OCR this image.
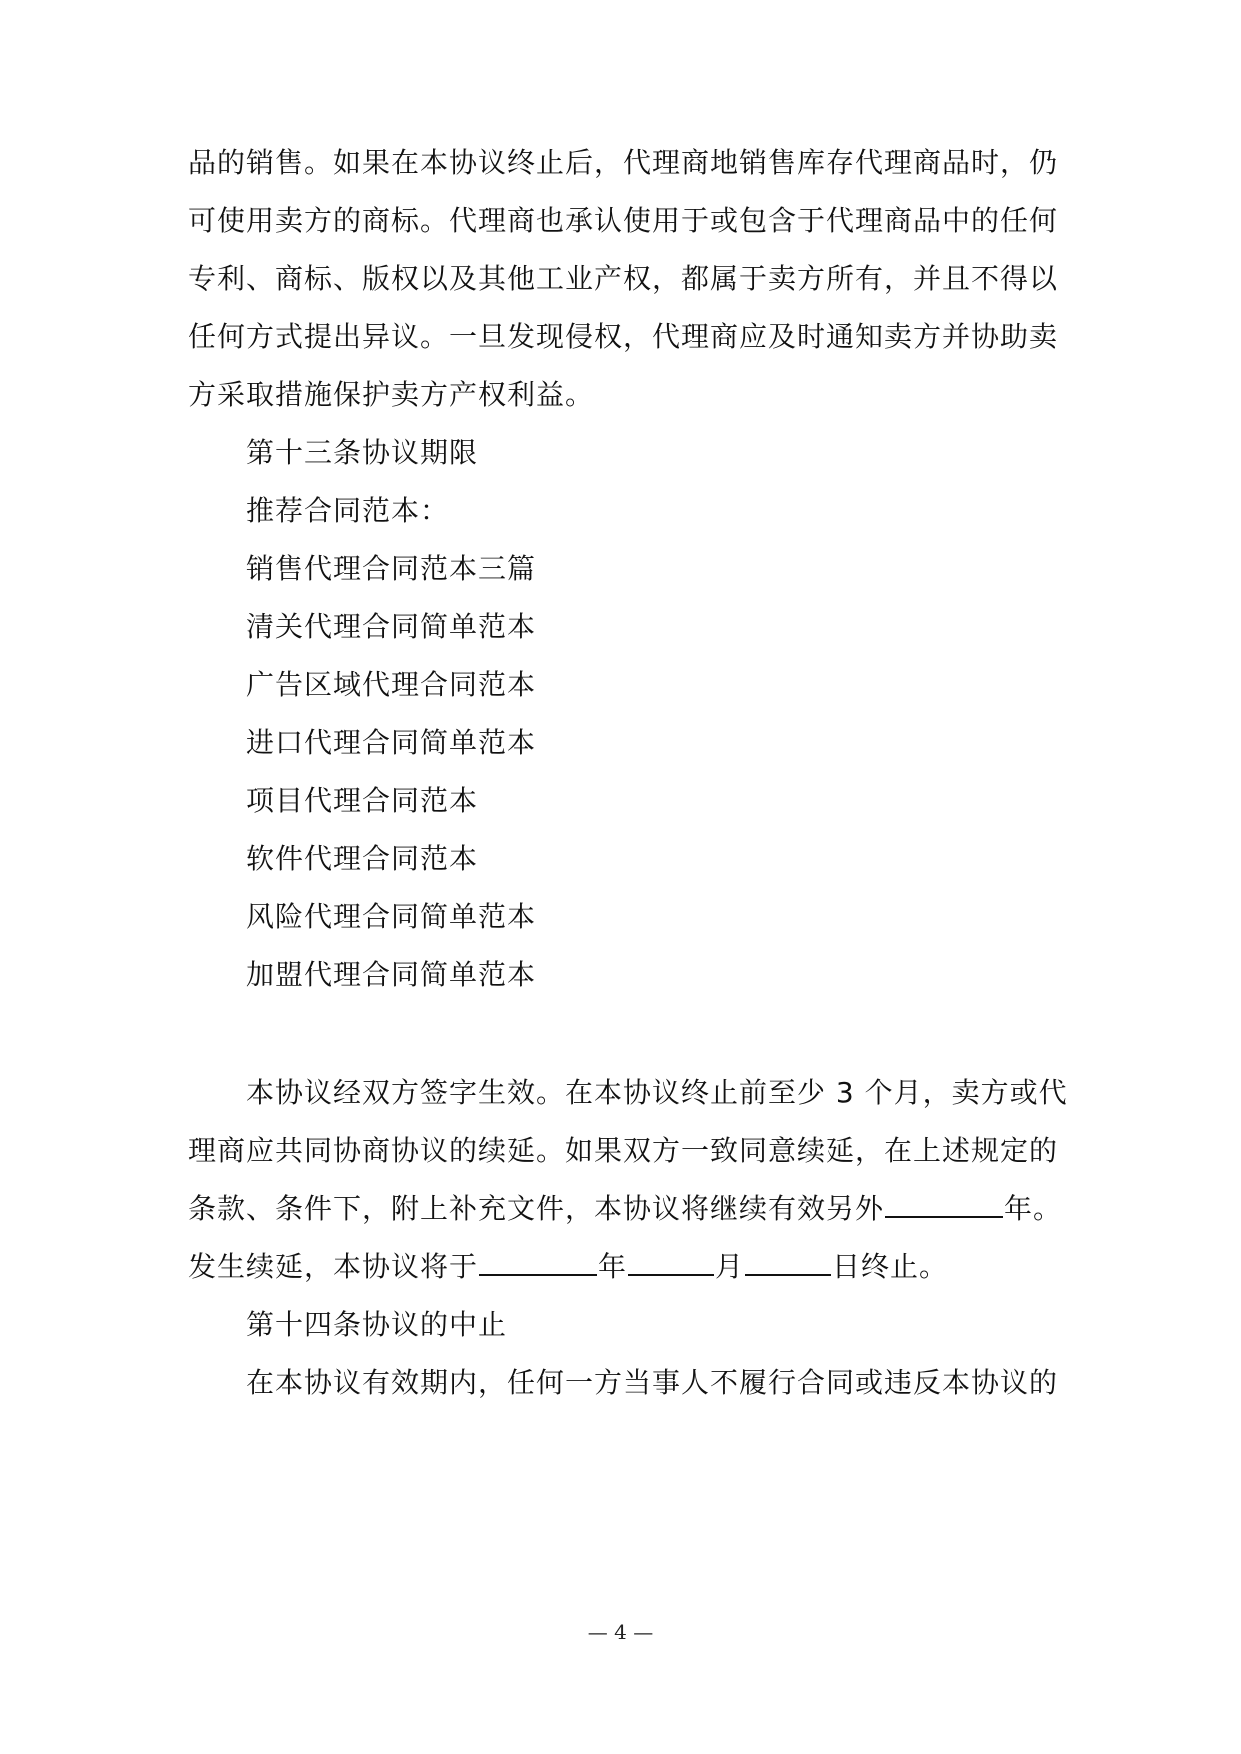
品的销售。如果在本协议终止后，代理商地销售库存代理商品时，仍
可使用卖方的商标。代理商也承认使用于或包含于代理商品中的任何
专利、商标、版权以及其他工业产权，都属于卖方所有，并且不得以
任何方式提出异议。一旦发现侵权，代理商应及时通知卖方并协助卖
方采取措施保护卖方产权利益。
第十三条协议期限
推荐合同范本：
销售代理合同范本三篇
清关代理合同简单范本
广告区域代理合同范本
进口代理合同简单范本
项目代理合同范本
软件代理合同范本
风险代理合同简单范本
加盟代理合同简单范本
本协议经双方签字生效。在本协议终止前至少 3 个月，卖方或代
理商应共同协商协议的续延。如果双方一致同意续延，在上述规定的
条款、条件下，附上补充文件，本协议将继续有效另外	年。
发生续延，本协议将于	年	月	日终止。
第十四条协议的中止
在本协议有效期内，任何一方当事人不履行合同或违反本协议的
— 4 —
